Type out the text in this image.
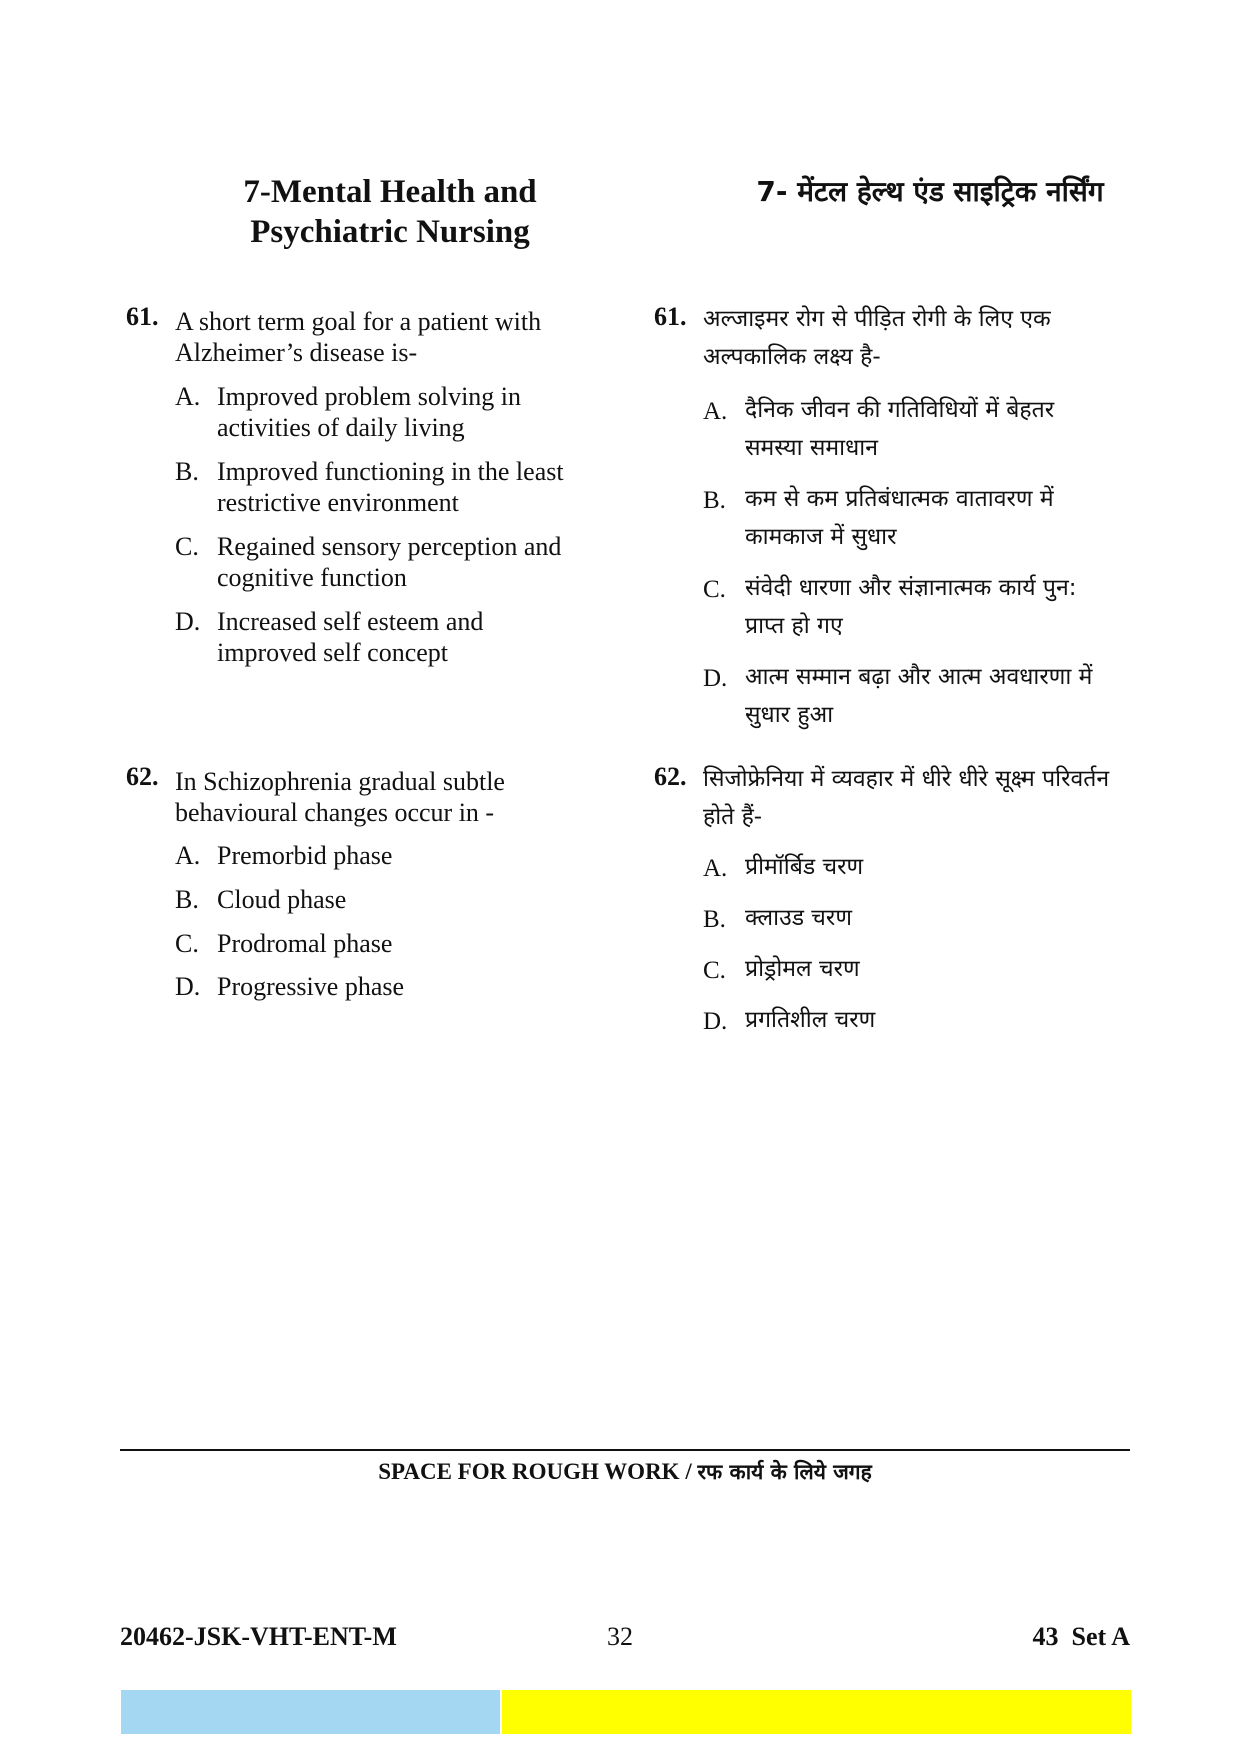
7-Mental Health and
Psychiatric Nursing
7- मेंटल हेल्थ एंड साइट्रिक नर्सिंग
61. A short term goal for a patient with
Alzheimer’s disease is-
A. Improved problem solving in
activities of daily living
B. Improved functioning in the least
restrictive environment
C. Regained sensory perception and
cognitive function
D. Increased self esteem and
improved self concept
62. In Schizophrenia gradual subtle
behavioural changes occur in -
A. Premorbid phase
B. Cloud phase
C. Prodromal phase
D. Progressive phase
61. अल्जाइमर रोग से पीड़ित रोगी के लिए एक
अल्पकालिक लक्ष्य है-
A. दैनिक जीवन की गतिविधियों में बेहतर
समस्या समाधान
B. कम से कम प्रतिबंधात्मक वातावरण में
कामकाज में सुधार
C. संवेदी धारणा और संज्ञानात्मक कार्य पुन:
प्राप्त हो गए
D. आत्म सम्मान बढ़ा और आत्म अवधारणा में
सुधार हुआ
62. सिजोफ्रेनिया में व्यवहार में धीरे धीरे सूक्ष्म परिवर्तन
होते हैं-
A. प्रीमॉर्बिड चरण
B. क्लाउड चरण
C. प्रोड्रोमल चरण
D. प्रगतिशील चरण
SPACE FOR ROUGH WORK / रफ कार्य के लिये जगह
20462-JSK-VHT-ENT-M	32	43 Set A
